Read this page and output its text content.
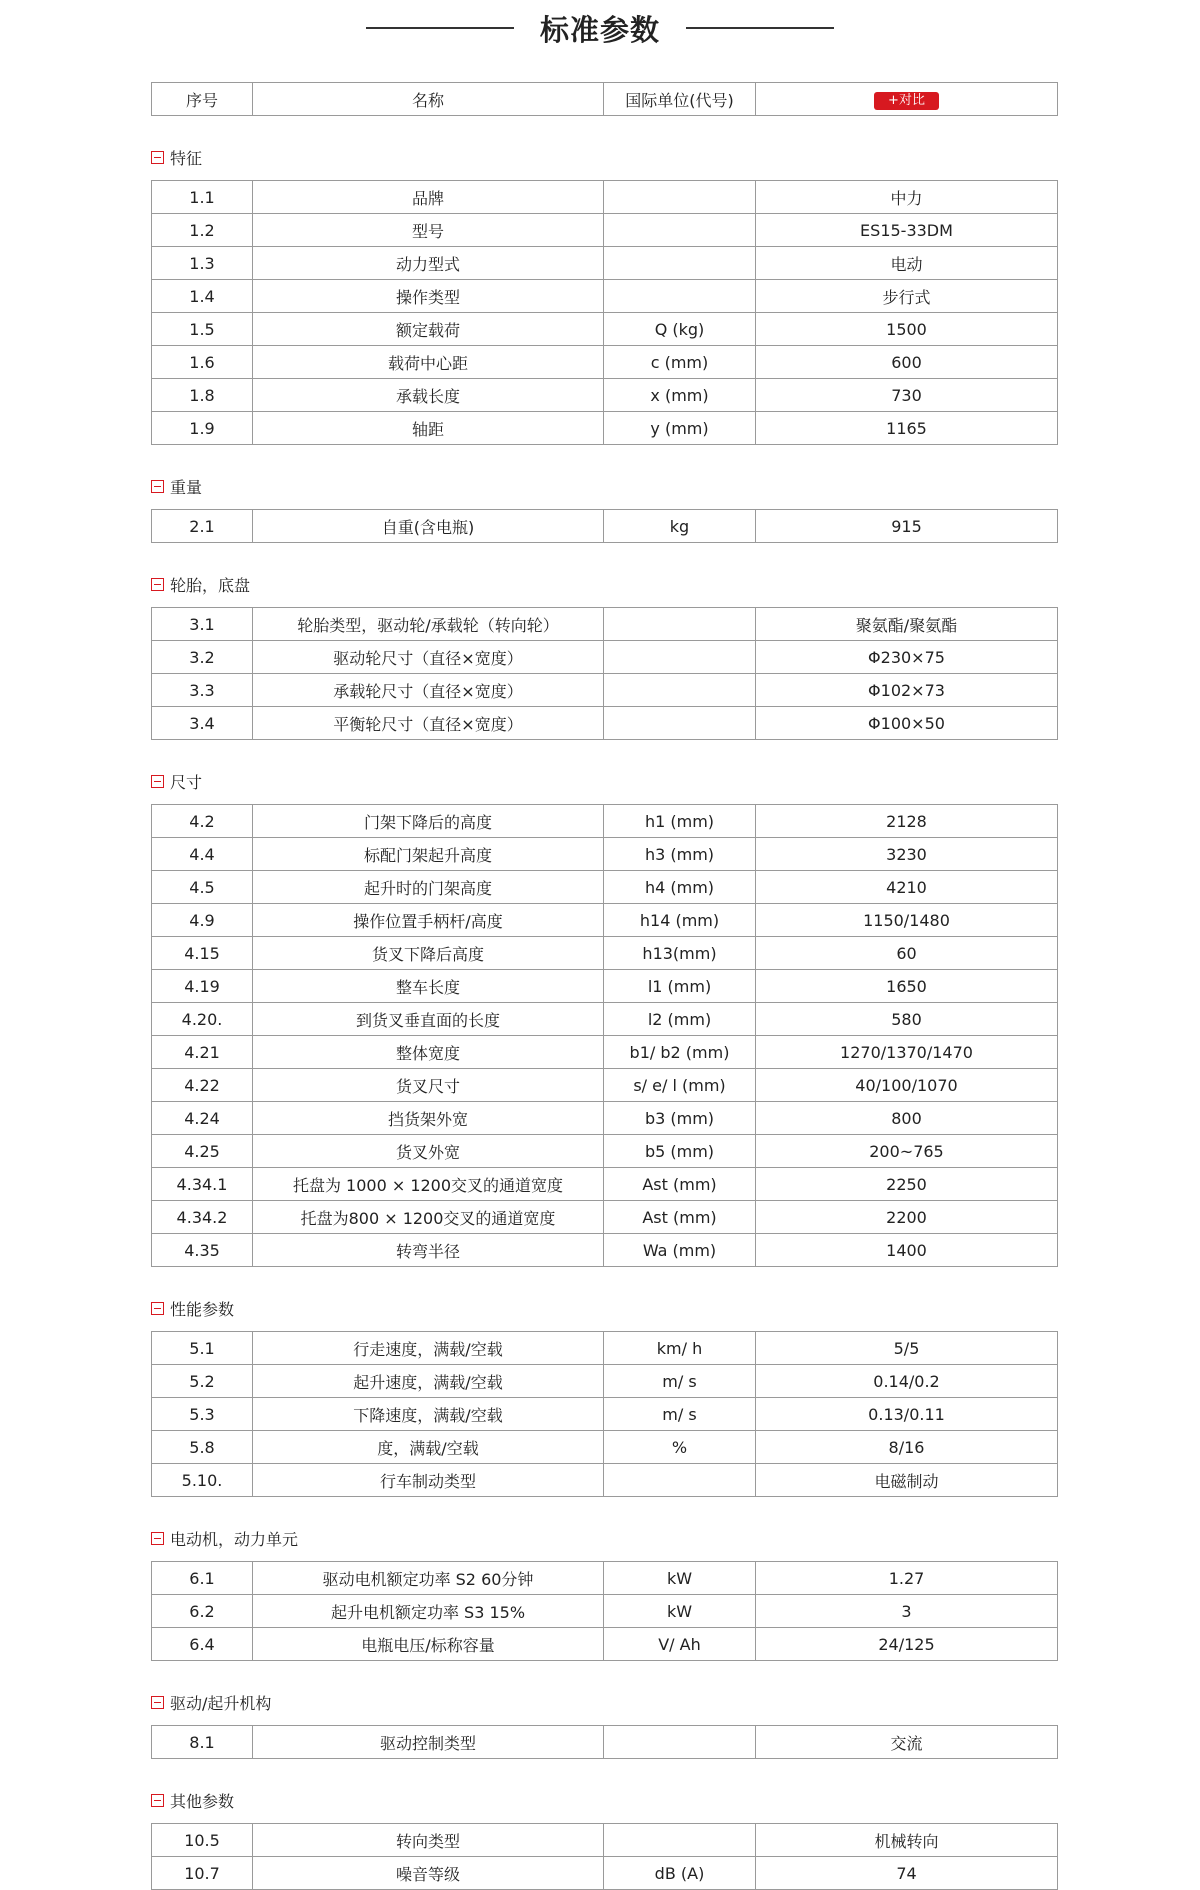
标准参数
序号	名称	国际单位(代号)	+对比
特征
1.1	品牌		中力
1.2	型号		ES15-33DM
1.3	动力型式		电动
1.4	操作类型		步行式
1.5	额定载荷	Q (kg)	1500
1.6	载荷中心距	c (mm)	600
1.8	承载长度	x (mm)	730
1.9	轴距	y (mm)	1165
重量
2.1	自重(含电瓶)	kg	915
轮胎，底盘
3.1	轮胎类型，驱动轮/承载轮（转向轮）		聚氨酯/聚氨酯
3.2	驱动轮尺寸（直径×宽度）		Φ230×75
3.3	承载轮尺寸（直径×宽度）		Φ102×73
3.4	平衡轮尺寸（直径×宽度）		Φ100×50
尺寸
4.2	门架下降后的高度	h1 (mm)	2128
4.4	标配门架起升高度	h3 (mm)	3230
4.5	起升时的门架高度	h4 (mm)	4210
4.9	操作位置手柄杆/高度	h14 (mm)	1150/1480
4.15	货叉下降后高度	h13(mm)	60
4.19	整车长度	l1 (mm)	1650
4.20.	到货叉垂直面的长度	l2 (mm)	580
4.21	整体宽度	b1/ b2 (mm)	1270/1370/1470
4.22	货叉尺寸	s/ e/ l (mm)	40/100/1070
4.24	挡货架外宽	b3 (mm)	800
4.25	货叉外宽	b5 (mm)	200~765
4.34.1	托盘为 1000 × 1200交叉的通道宽度	Ast (mm)	2250
4.34.2	托盘为800 × 1200交叉的通道宽度	Ast (mm)	2200
4.35	转弯半径	Wa (mm)	1400
性能参数
5.1	行走速度，满载/空载	km/ h	5/5
5.2	起升速度，满载/空载	m/ s	0.14/0.2
5.3	下降速度，满载/空载	m/ s	0.13/0.11
5.8	度，满载/空载	%	8/16
5.10.	行车制动类型		电磁制动
电动机，动力单元
6.1	驱动电机额定功率 S2 60分钟	kW	1.27
6.2	起升电机额定功率 S3 15%	kW	3
6.4	电瓶电压/标称容量	V/ Ah	24/125
驱动/起升机构
8.1	驱动控制类型		交流
其他参数
10.5	转向类型		机械转向
10.7	噪音等级	dB (A)	74
